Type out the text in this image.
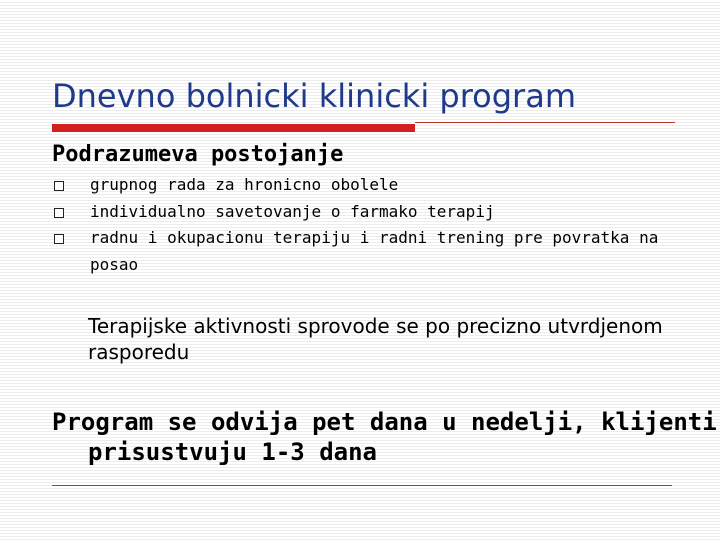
Dnevno bolnicki klinicki program
Podrazumeva postojanje
grupnog rada za hronicno obolele
individualno savetovanje o farmako terapij
radnu i okupacionu terapiju i radni trening pre povratka na posao
Terapijske aktivnosti sprovode se po precizno utvrdjenom rasporedu
Program se odvija pet dana u nedelji, klijenti prisustvuju 1-3 dana
